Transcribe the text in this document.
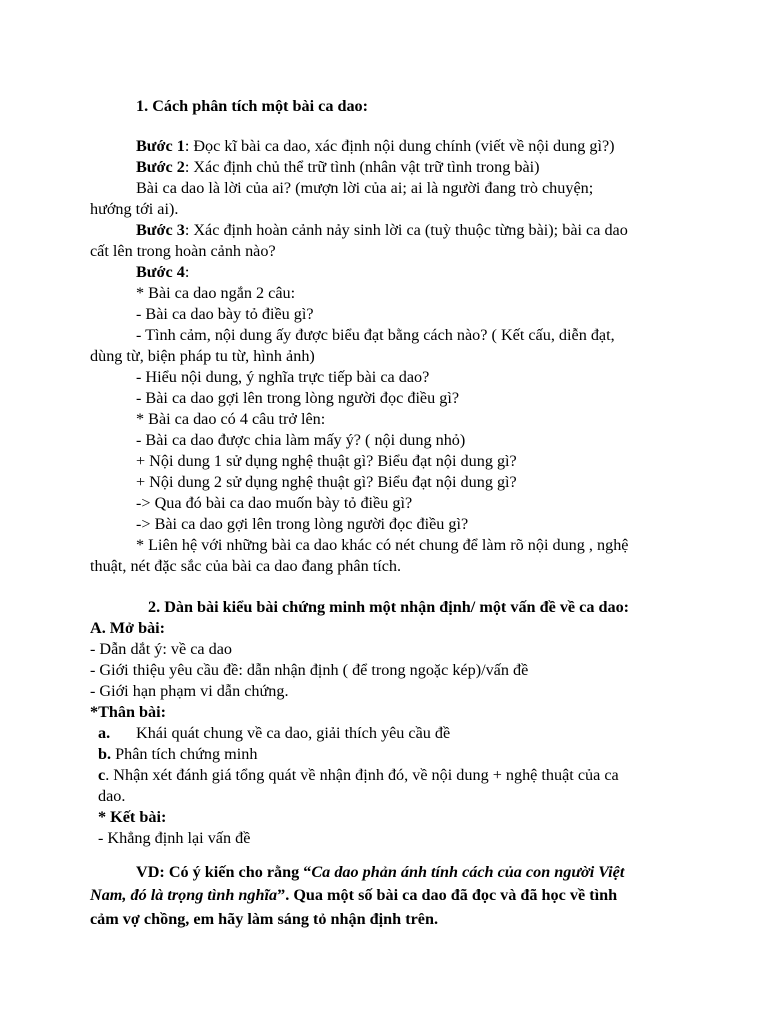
1. Cách phân tích một bài ca dao:
Bước 1: Đọc kĩ bài ca dao, xác định nội dung chính (viết về nội dung gì?)
Bước 2: Xác định chủ thể trữ tình (nhân vật trữ tình trong bài)
Bài ca dao là lời của ai? (mượn lời của ai; ai là người đang trò chuyện;
hướng tới ai).
Bước 3: Xác định hoàn cảnh nảy sinh lời ca (tuỳ thuộc từng bài); bài ca dao
cất lên trong hoàn cảnh nào?
Bước 4:
* Bài ca dao ngắn 2 câu:
- Bài ca dao bày tỏ điều gì?
- Tình cảm, nội dung ấy được biểu đạt bằng cách nào? ( Kết cấu, diễn đạt,
dùng từ, biện pháp tu từ, hình ảnh)
- Hiểu nội dung, ý nghĩa trực tiếp bài ca dao?
- Bài ca dao gợi lên trong lòng người đọc điều gì?
* Bài ca dao có 4 câu trở lên:
- Bài ca dao được chia làm mấy ý? ( nội dung nhỏ)
+ Nội dung 1 sử dụng nghệ thuật gì? Biểu đạt nội dung gì?
+ Nội dung 2 sử dụng nghệ thuật gì? Biểu đạt nội dung gì?
-> Qua đó bài ca dao muốn bày tỏ điều gì?
-> Bài ca dao gợi lên trong lòng người đọc điều gì?
* Liên hệ với những bài ca dao khác có nét chung để làm rõ nội dung , nghệ
thuật, nét đặc sắc của bài ca dao đang phân tích.
2. Dàn bài kiểu bài chứng minh một nhận định/ một vấn đề về ca dao:
A. Mở bài:
- Dẫn dắt ý: về ca dao
- Giới thiệu yêu cầu đề: dẫn nhận định ( để trong ngoặc kép)/vấn đề
- Giới hạn phạm vi dẫn chứng.
*Thân bài:
a. Khái quát chung về ca dao, giải thích yêu cầu đề
b. Phân tích chứng minh
c. Nhận xét đánh giá tổng quát về nhận định đó, về nội dung + nghệ thuật của ca
dao.
* Kết bài:
- Khẳng định lại vấn đề
VD: Có ý kiến cho rằng “Ca dao phản ánh tính cách của con người Việt
Nam, đó là trọng tình nghĩa”. Qua một số bài ca dao đã đọc và đã học về tình
cảm vợ chồng, em hãy làm sáng tỏ nhận định trên.
